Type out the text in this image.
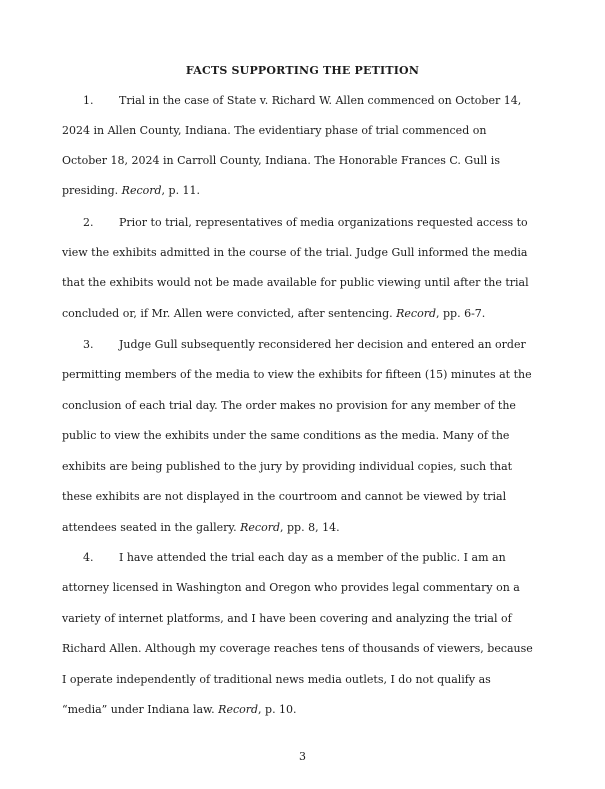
FACTS SUPPORTING THE PETITION
1. Trial in the case of State v. Richard W. Allen commenced on October 14,
2024 in Allen County, Indiana. The evidentiary phase of trial commenced on
October 18, 2024 in Carroll County, Indiana. The Honorable Frances C. Gull is
presiding. Record, p. 11.
2. Prior to trial, representatives of media organizations requested access to
view the exhibits admitted in the course of the trial. Judge Gull informed the media
that the exhibits would not be made available for public viewing until after the trial
concluded or, if Mr. Allen were convicted, after sentencing. Record, pp. 6-7.
3. Judge Gull subsequently reconsidered her decision and entered an order
permitting members of the media to view the exhibits for fifteen (15) minutes at the
conclusion of each trial day. The order makes no provision for any member of the
public to view the exhibits under the same conditions as the media. Many of the
exhibits are being published to the jury by providing individual copies, such that
these exhibits are not displayed in the courtroom and cannot be viewed by trial
attendees seated in the gallery. Record, pp. 8, 14.
4. I have attended the trial each day as a member of the public. I am an
attorney licensed in Washington and Oregon who provides legal commentary on a
variety of internet platforms, and I have been covering and analyzing the trial of
Richard Allen. Although my coverage reaches tens of thousands of viewers, because
I operate independently of traditional news media outlets, I do not qualify as
“media” under Indiana law. Record, p. 10.
3
